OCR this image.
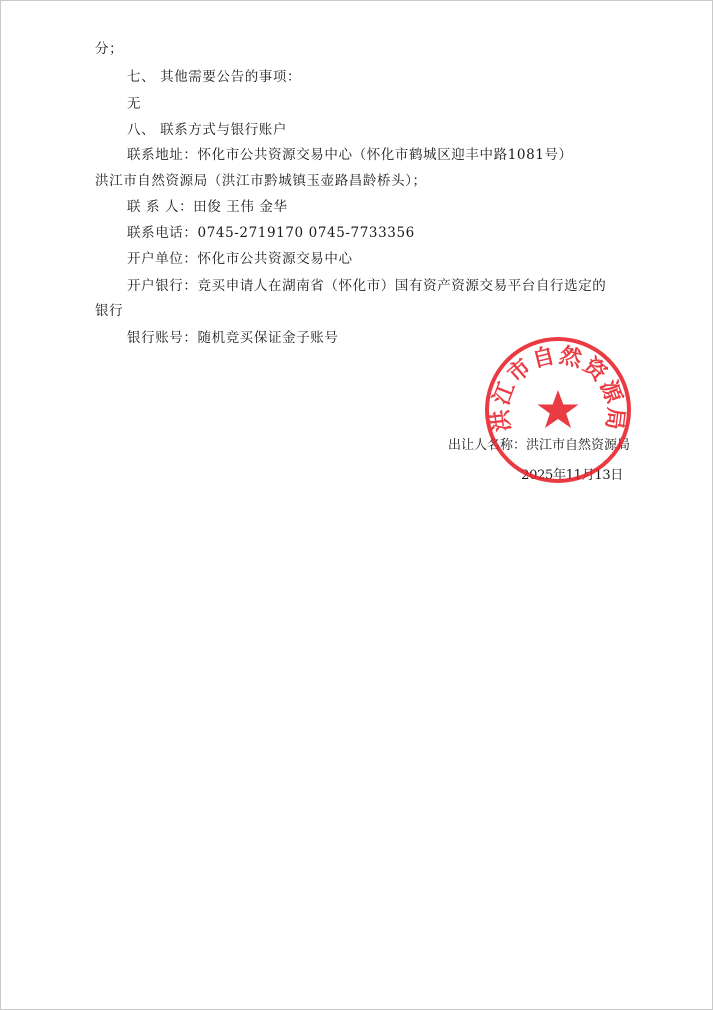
分；
七、 其他需要公告的事项：
无
八、 联系方式与银行账户
联系地址：怀化市公共资源交易中心（怀化市鹤城区迎丰中路1081号）
洪江市自然资源局（洪江市黔城镇玉壶路昌龄桥头）；
联 系 人：田俊 王伟 金华
联系电话：0745-2719170 0745-7733356
开户单位：怀化市公共资源交易中心
开户银行：竞买申请人在湖南省（怀化市）国有资产资源交易平台自行选定的
银行
银行账号：随机竞买保证金子账号
出让人名称：洪江市自然资源局
2025年11月13日
洪江市自然资源局
